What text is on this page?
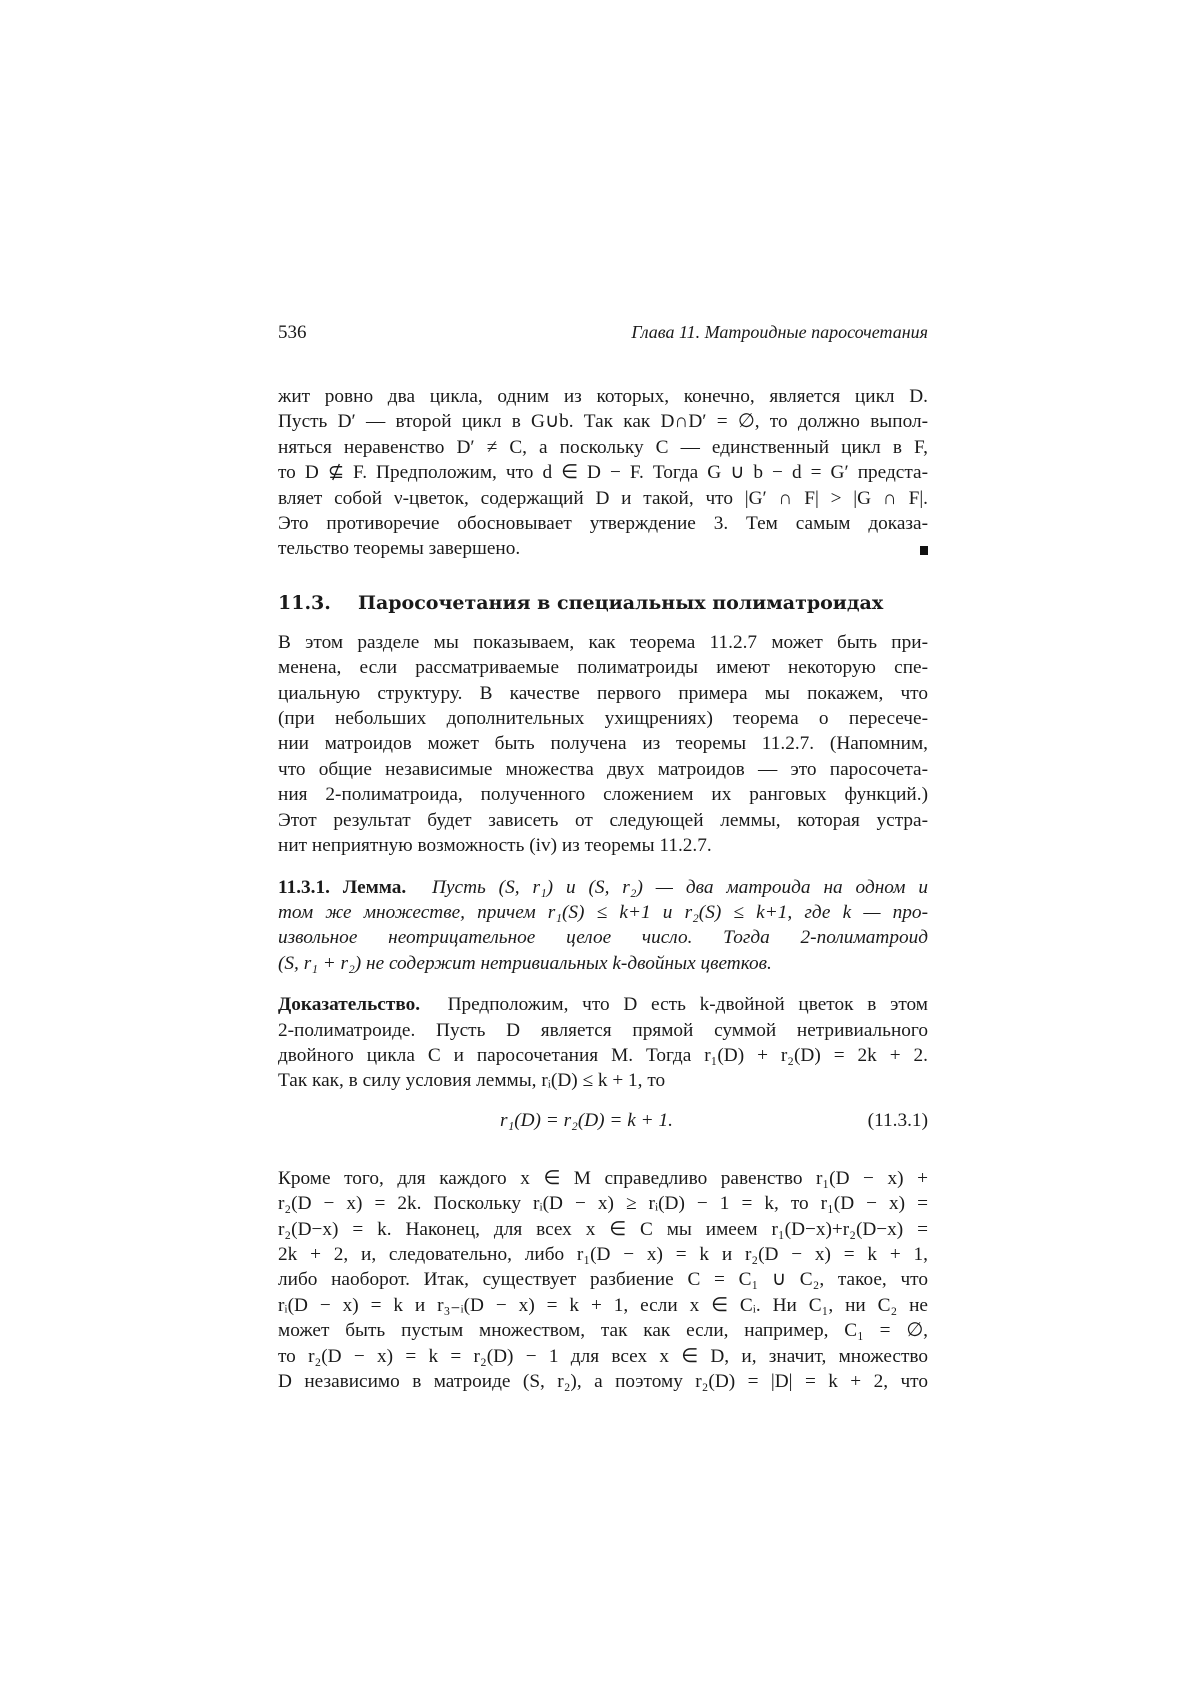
536	Глава 11. Матроидные паросочетания
жит ровно два цикла, одним из которых, конечно, является цикл D.
Пусть D′ — второй цикл в G∪b. Так как D∩D′ = ∅, то должно выпол-
няться неравенство D′ ≠ C, а поскольку C — единственный цикл в F,
то D ⊈ F. Предположим, что d ∈ D − F. Тогда G ∪ b − d = G′ предста-
вляет собой ν-цветок, содержащий D и такой, что |G′ ∩ F| > |G ∩ F|.
Это противоречие обосновывает утверждение 3. Тем самым доказа-
тельство теоремы завершено.
11.3. Паросочетания в специальных полиматроидах
В этом разделе мы показываем, как теорема 11.2.7 может быть при-
менена, если рассматриваемые полиматроиды имеют некоторую спе-
циальную структуру. В качестве первого примера мы покажем, что
(при небольших дополнительных ухищрениях) теорема о пересече-
нии матроидов может быть получена из теоремы 11.2.7. (Напомним,
что общие независимые множества двух матроидов — это паросочета-
ния 2-полиматроида, полученного сложением их ранговых функций.)
Этот результат будет зависеть от следующей леммы, которая устра-
нит неприятную возможность (iv) из теоремы 11.2.7.
11.3.1. Лемма. Пусть (S, r₁) и (S, r₂) — два матроида на одном и
том же множестве, причем r₁(S) ≤ k+1 и r₂(S) ≤ k+1, где k — про-
извольное неотрицательное целое число. Тогда 2-полиматроид
(S, r₁ + r₂) не содержит нетривиальных k-двойных цветков.
Доказательство. Предположим, что D есть k-двойной цветок в этом
2-полиматроиде. Пусть D является прямой суммой нетривиального
двойного цикла C и паросочетания M. Тогда r₁(D) + r₂(D) = 2k + 2.
Так как, в силу условия леммы, rᵢ(D) ≤ k + 1, то
r₁(D) = r₂(D) = k + 1.	(11.3.1)
Кроме того, для каждого x ∈ M справедливо равенство r₁(D − x) +
r₂(D − x) = 2k. Поскольку rᵢ(D − x) ≥ rᵢ(D) − 1 = k, то r₁(D − x) =
r₂(D−x) = k. Наконец, для всех x ∈ C мы имеем r₁(D−x)+r₂(D−x) =
2k + 2, и, следовательно, либо r₁(D − x) = k и r₂(D − x) = k + 1,
либо наоборот. Итак, существует разбиение C = C₁ ∪ C₂, такое, что
rᵢ(D − x) = k и r₃₋ᵢ(D − x) = k + 1, если x ∈ Cᵢ. Ни C₁, ни C₂ не
может быть пустым множеством, так как если, например, C₁ = ∅,
то r₂(D − x) = k = r₂(D) − 1 для всех x ∈ D, и, значит, множество
D независимо в матроиде (S, r₂), а поэтому r₂(D) = |D| = k + 2, что
